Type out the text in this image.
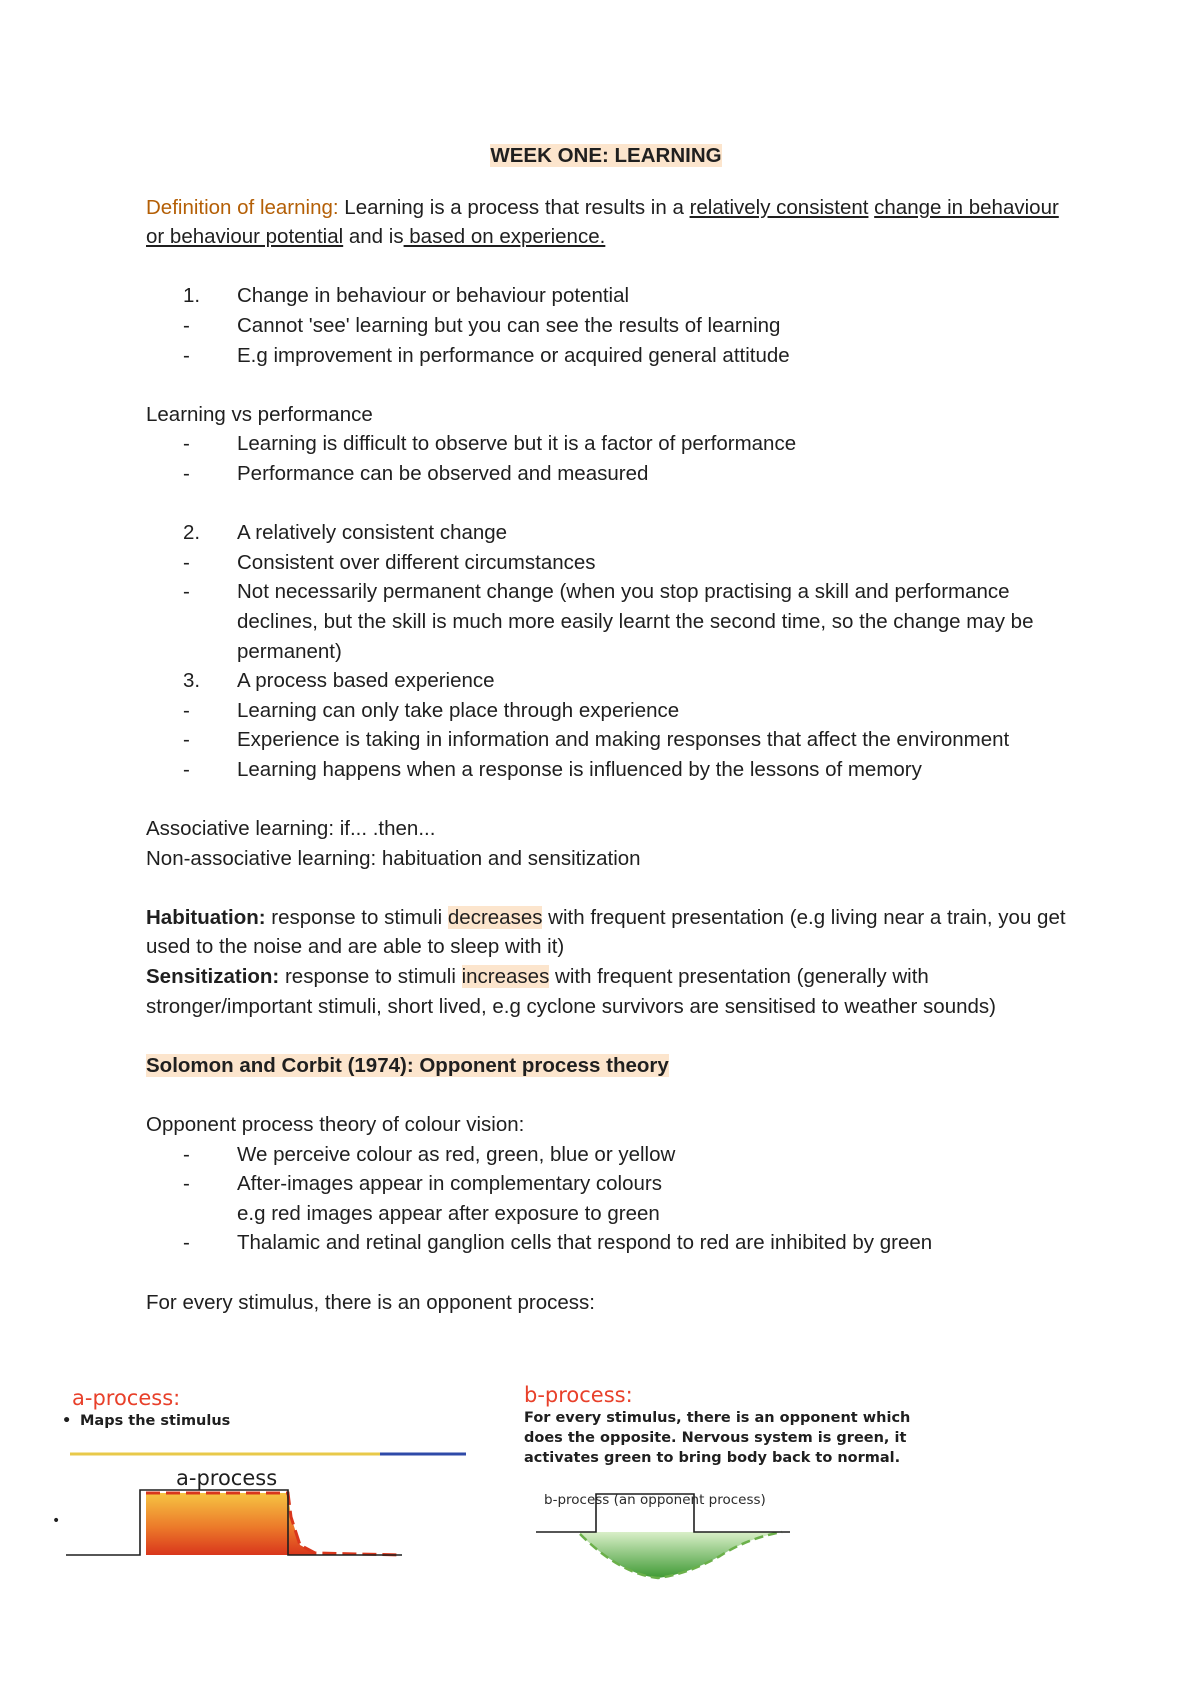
WEEK ONE: LEARNING

Definition of learning: Learning is a process that results in a relatively consistent change in behaviour or behaviour potential and is based on experience.

1.	Change in behaviour or behaviour potential
-	Cannot 'see' learning but you can see the results of learning
-	E.g improvement in performance or acquired general attitude

Learning vs performance

-	Learning is difficult to observe but it is a factor of performance
-	Performance can be observed and measured
2.	A relatively consistent change
-	Consistent over different circumstances
-	Not necessarily permanent change (when you stop practising a skill and performance declines, but the skill is much more easily learnt the second time, so the change may be permanent)
3.	A process based experience
-	Learning can only take place through experience
-	Experience is taking in information and making responses that affect the environment
-	Learning happens when a response is influenced by the lessons of memory

Associative learning: if... .then...

Non-associative learning: habituation and sensitization

Habituation: response to stimuli decreases with frequent presentation (e.g living near a train, you get used to the noise and are able to sleep with it)

Sensitization: response to stimuli increases with frequent presentation (generally with stronger/important stimuli, short lived, e.g cyclone survivors are sensitised to weather sounds)

Solomon and Corbit (1974): Opponent process theory

Opponent process theory of colour vision:

-	We perceive colour as red, green, blue or yellow
-	After-images appear in complementary colours
e.g red images appear after exposure to green
-	Thalamic and retinal ganglion cells that respond to red are inhibited by green

For every stimulus, there is an opponent process:

a-process:
• Maps the stimulus
a-process
•
b-process:
For every stimulus, there is an opponent which does the opposite. Nervous system is green, it activates green to bring body back to normal.
b-process (an opponent process)
